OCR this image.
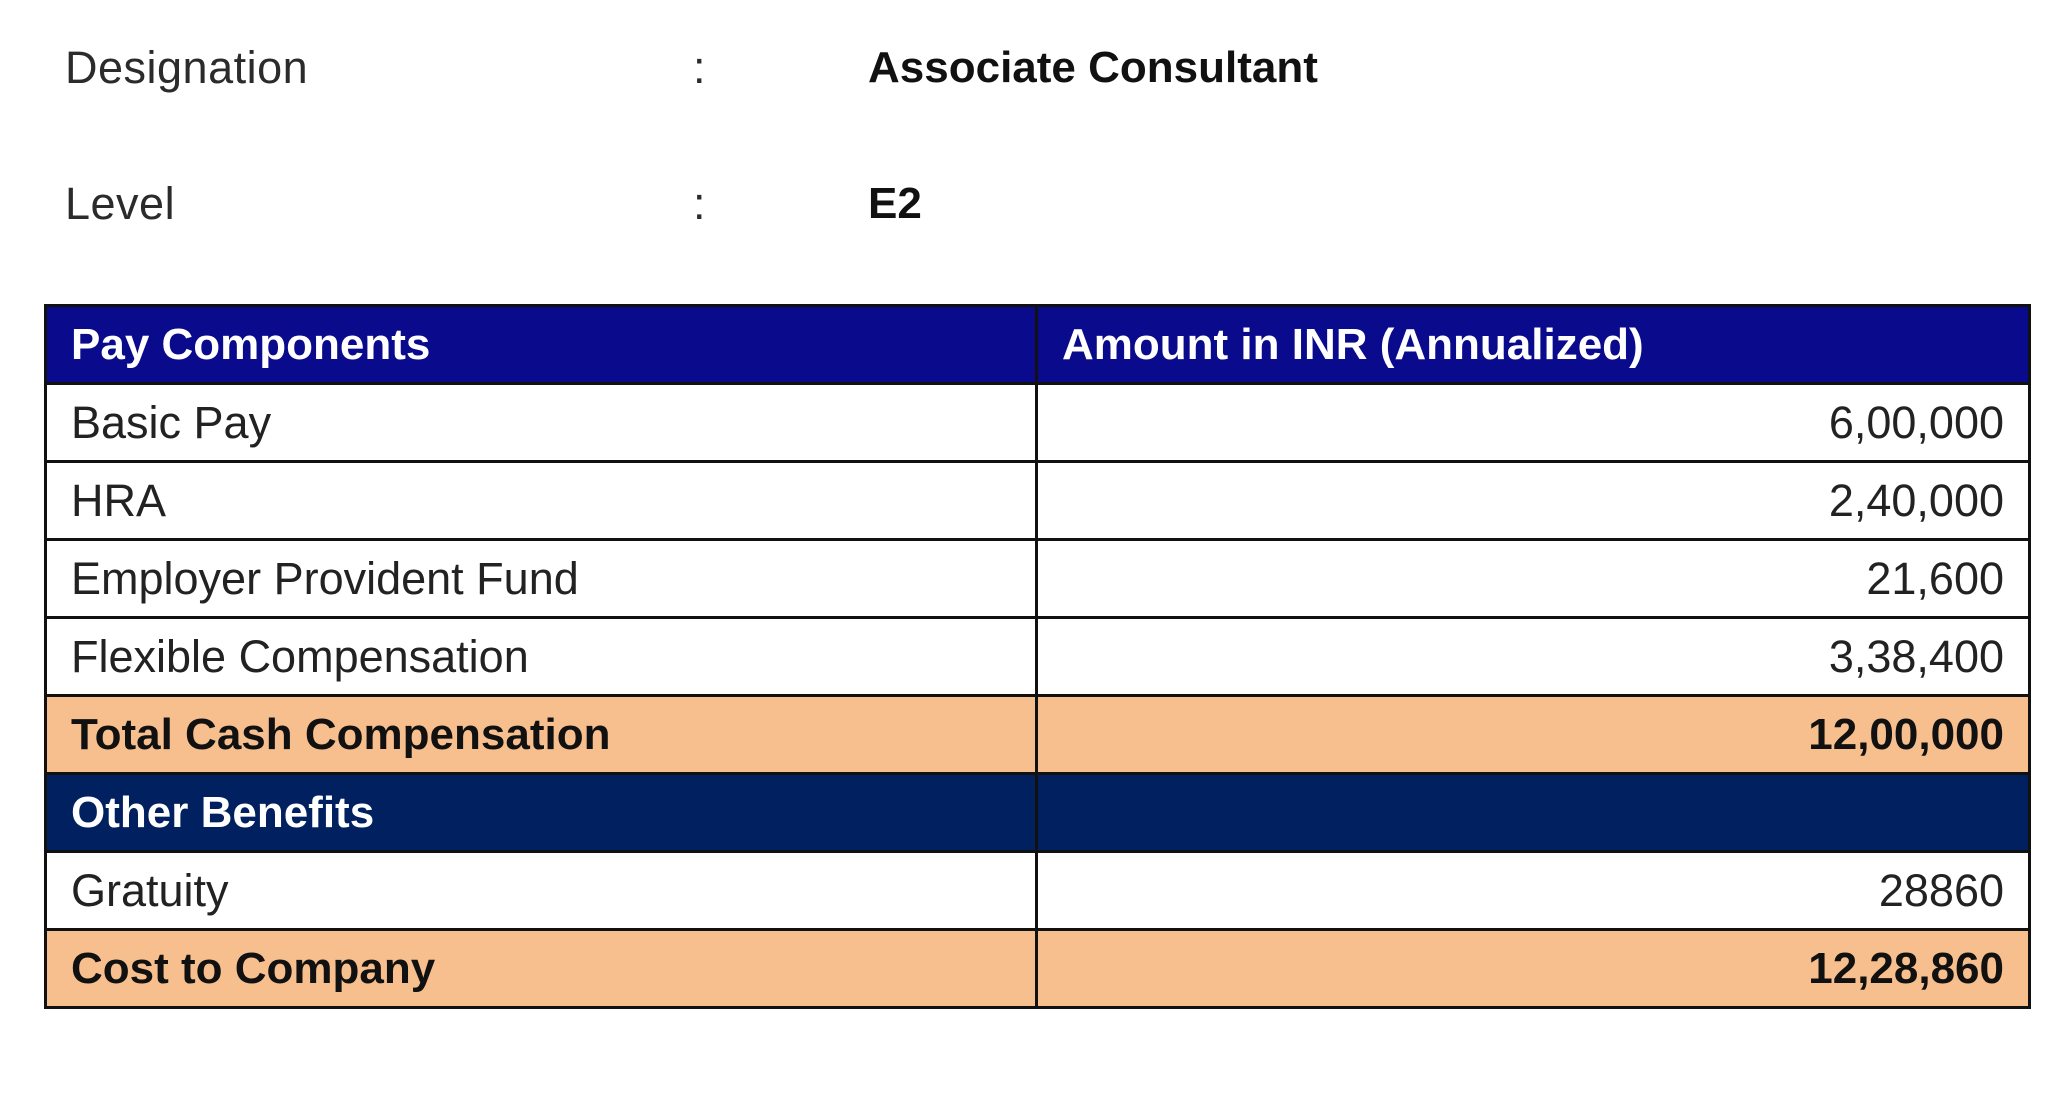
Designation	:	Associate Consultant
Level	:	E2
Pay Components	Amount in INR (Annualized)
Basic Pay	6,00,000
HRA	2,40,000
Employer Provident Fund	21,600
Flexible Compensation	3,38,400
Total Cash Compensation	12,00,000
Other Benefits	
Gratuity	28860
Cost to Company	12,28,860
